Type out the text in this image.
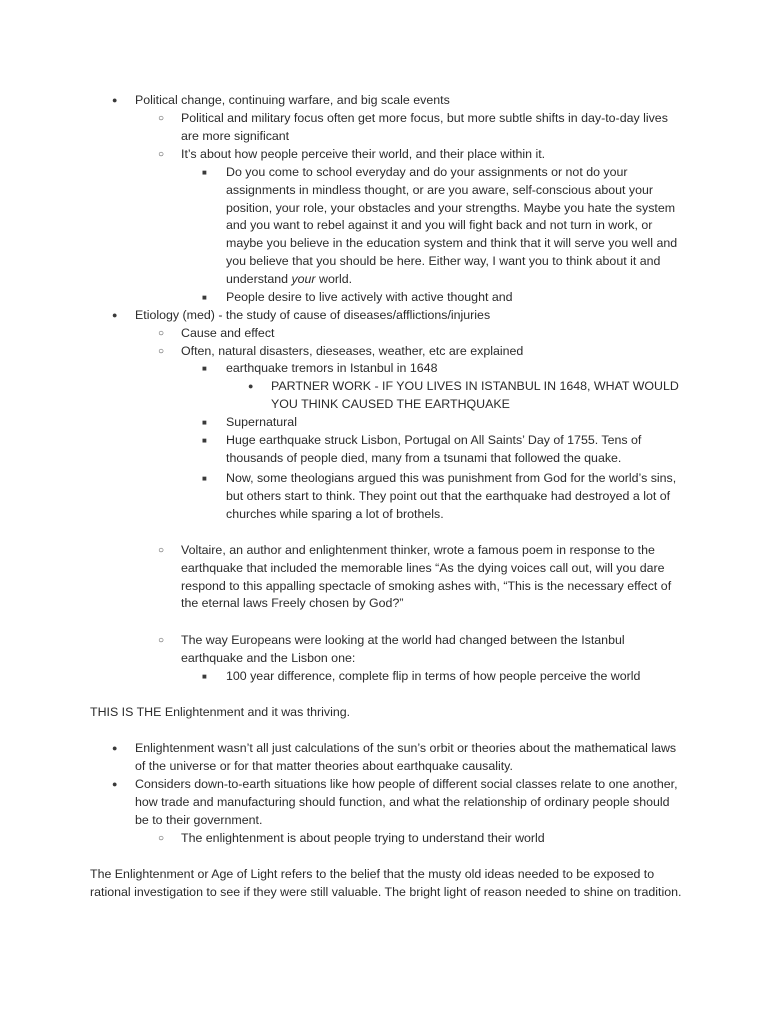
● Political change, continuing warfare, and big scale events
○ Political and military focus often get more focus, but more subtle shifts in day-to-day lives are more significant
○ It’s about how people perceive their world, and their place within it.
■ Do you come to school everyday and do your assignments or not do your assignments in mindless thought, or are you aware, self-conscious about your position, your role, your obstacles and your strengths. Maybe you hate the system and you want to rebel against it and you will fight back and not turn in work, or maybe you believe in the education system and think that it will serve you well and you believe that you should be here. Either way, I want you to think about it and understand your world.
■ People desire to live actively with active thought and
● Etiology (med) - the study of cause of diseases/afflictions/injuries
○ Cause and effect
○ Often, natural disasters, dieseases, weather, etc are explained
■ earthquake tremors in Istanbul in 1648
● PARTNER WORK - IF YOU LIVES IN ISTANBUL IN 1648, WHAT WOULD YOU THINK CAUSED THE EARTHQUAKE
■ Supernatural
■ Huge earthquake struck Lisbon, Portugal on All Saints’ Day of 1755. Tens of thousands of people died, many from a tsunami that followed the quake.
■ Now, some theologians argued this was punishment from God for the world’s sins, but others start to think. They point out that the earthquake had destroyed a lot of churches while sparing a lot of brothels.
○ Voltaire, an author and enlightenment thinker, wrote a famous poem in response to the earthquake that included the memorable lines “As the dying voices call out, will you dare respond to this appalling spectacle of smoking ashes with, “This is the necessary effect of the eternal laws Freely chosen by God?”
○ The way Europeans were looking at the world had changed between the Istanbul earthquake and the Lisbon one:
■ 100 year difference, complete flip in terms of how people perceive the world
THIS IS THE Enlightenment and it was thriving.
● Enlightenment wasn’t all just calculations of the sun’s orbit or theories about the mathematical laws of the universe or for that matter theories about earthquake causality.
● Considers down-to-earth situations like how people of different social classes relate to one another, how trade and manufacturing should function, and what the relationship of ordinary people should be to their government.
○ The enlightenment is about people trying to understand their world
The Enlightenment or Age of Light refers to the belief that the musty old ideas needed to be exposed to rational investigation to see if they were still valuable. The bright light of reason needed to shine on tradition.
